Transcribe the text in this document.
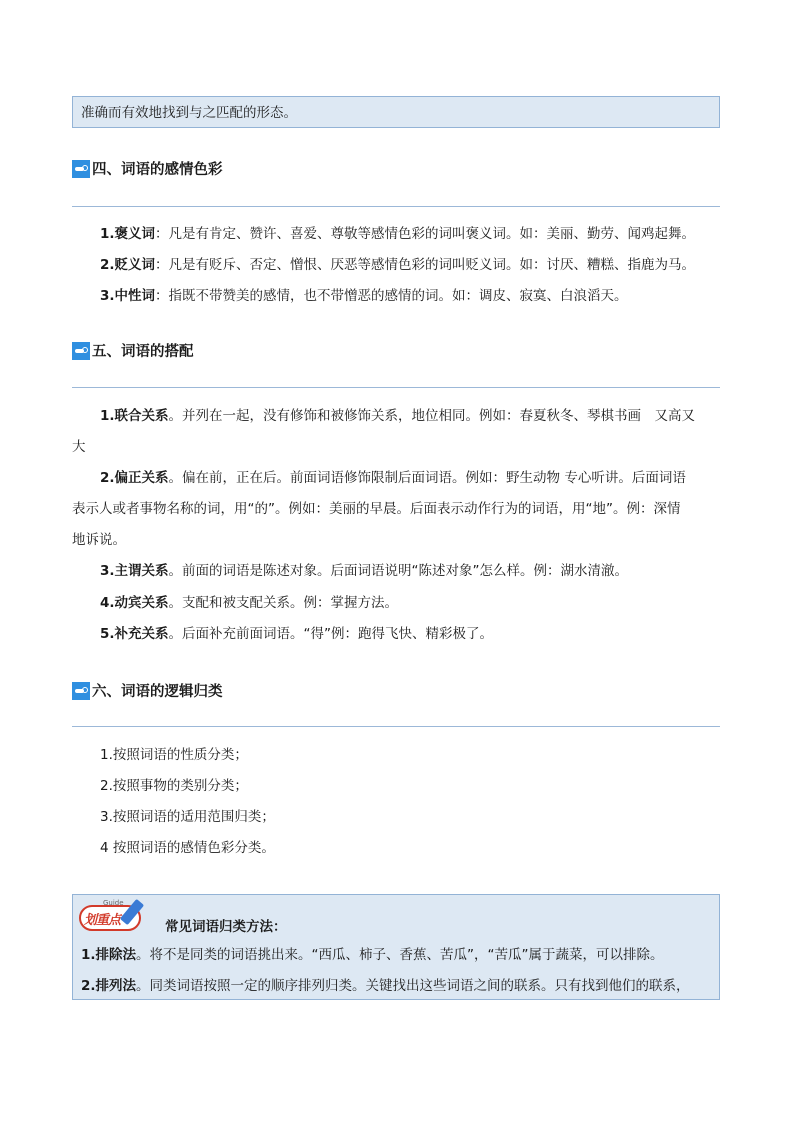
准确而有效地找到与之匹配的形态。
四、词语的感情色彩
1.褒义词：凡是有肯定、赞许、喜爱、尊敬等感情色彩的词叫褒义词。如：美丽、勤劳、闻鸡起舞。
2.贬义词：凡是有贬斥、否定、憎恨、厌恶等感情色彩的词叫贬义词。如：讨厌、糟糕、指鹿为马。
3.中性词：指既不带赞美的感情，也不带憎恶的感情的词。如：调皮、寂寞、白浪滔天。
五、词语的搭配
1.联合关系。并列在一起，没有修饰和被修饰关系，地位相同。例如：春夏秋冬、琴棋书画　又高又
大
2.偏正关系。偏在前，正在后。前面词语修饰限制后面词语。例如：野生动物 专心听讲。后面词语
表示人或者事物名称的词，用“的”。例如：美丽的早晨。后面表示动作行为的词语，用“地”。例：深情
地诉说。
3.主谓关系。前面的词语是陈述对象。后面词语说明“陈述对象”怎么样。例：湖水清澈。
4.动宾关系。支配和被支配关系。例：掌握方法。
5.补充关系。后面补充前面词语。“得”例：跑得飞快、精彩极了。
六、词语的逻辑归类
1.按照词语的性质分类；
2.按照事物的类别分类；
3.按照词语的适用范围归类；
4 按照词语的感情色彩分类。
Guide
划重点	常见词语归类方法：
1.排除法。将不是同类的词语挑出来。“西瓜、柿子、香蕉、苦瓜”，“苦瓜”属于蔬菜，可以排除。
2.排列法。同类词语按照一定的顺序排列归类。关键找出这些词语之间的联系。只有找到他们的联系，
